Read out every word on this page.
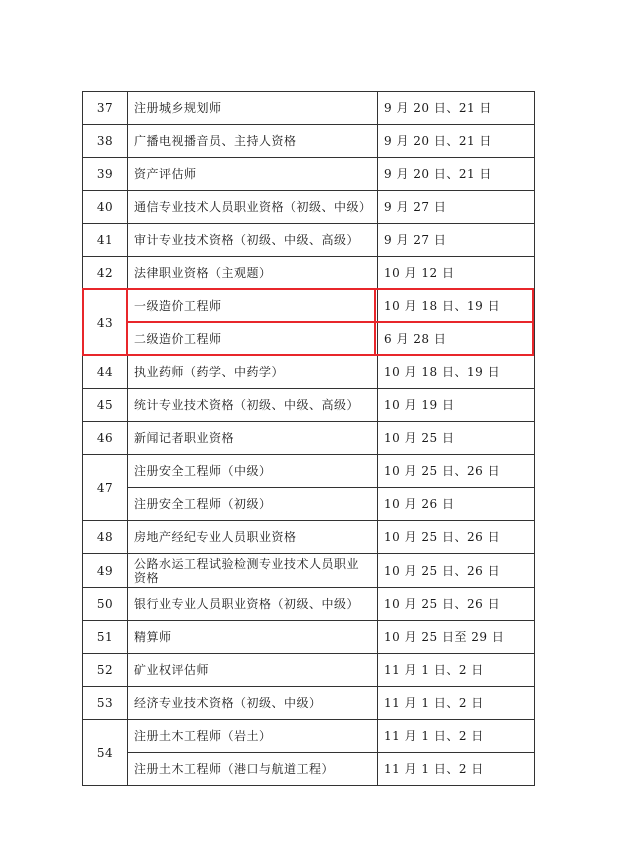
37	注册城乡规划师	9 月 20 日、21 日
38	广播电视播音员、主持人资格	9 月 20 日、21 日
39	资产评估师	9 月 20 日、21 日
40	通信专业技术人员职业资格（初级、中级）	9 月 27 日
41	审计专业技术资格（初级、中级、高级）	9 月 27 日
42	法律职业资格（主观题）	10 月 12 日
43	一级造价工程师	10 月 18 日、19 日
	二级造价工程师	6 月 28 日
44	执业药师（药学、中药学）	10 月 18 日、19 日
45	统计专业技术资格（初级、中级、高级）	10 月 19 日
46	新闻记者职业资格	10 月 25 日
47	注册安全工程师（中级）	10 月 25 日、26 日
	注册安全工程师（初级）	10 月 26 日
48	房地产经纪专业人员职业资格	10 月 25 日、26 日
49	公路水运工程试验检测专业技术人员职业资格	10 月 25 日、26 日
50	银行业专业人员职业资格（初级、中级）	10 月 25 日、26 日
51	精算师	10 月 25 日至 29 日
52	矿业权评估师	11 月 1 日、2 日
53	经济专业技术资格（初级、中级）	11 月 1 日、2 日
54	注册土木工程师（岩土）	11 月 1 日、2 日
	注册土木工程师（港口与航道工程）	11 月 1 日、2 日
